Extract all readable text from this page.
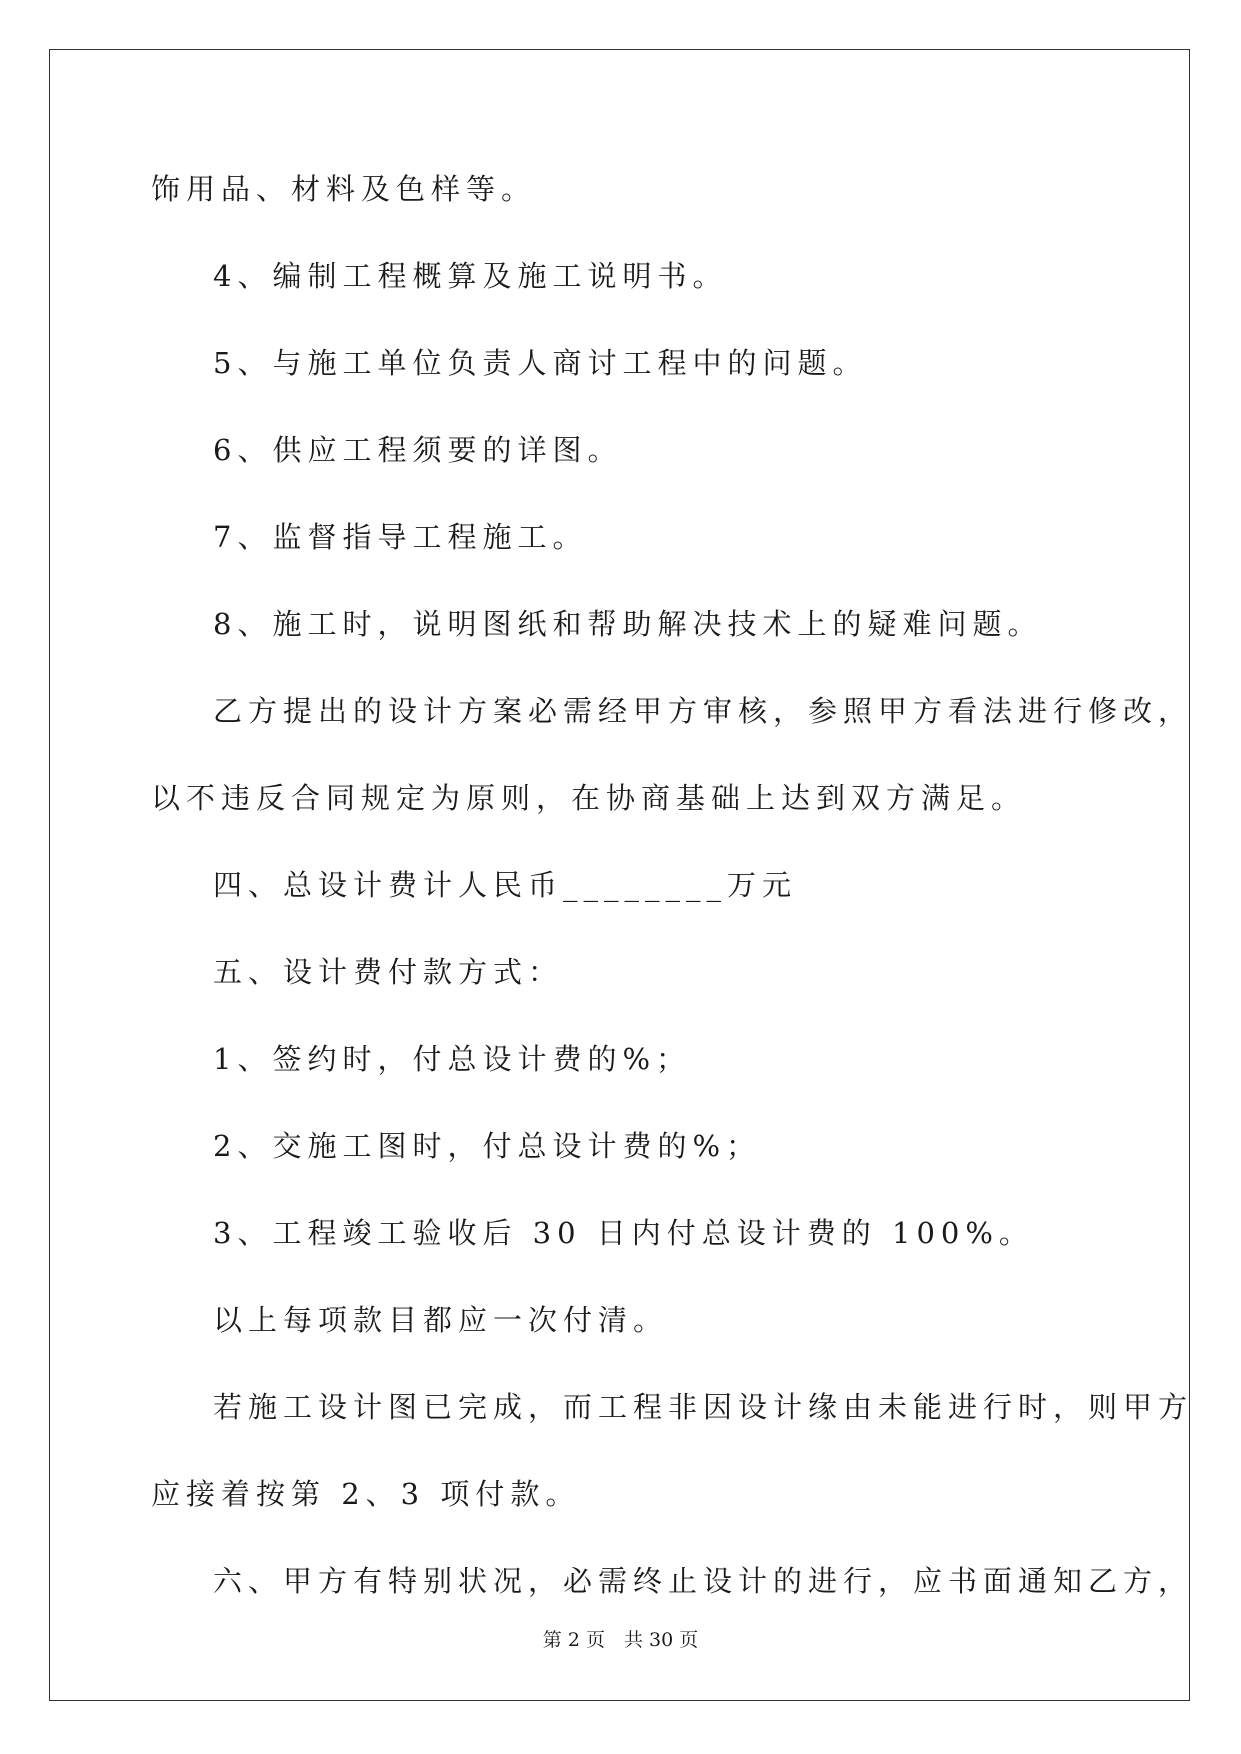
饰用品、材料及色样等。
4、编制工程概算及施工说明书。
5、与施工单位负责人商讨工程中的问题。
6、供应工程须要的详图。
7、监督指导工程施工。
8、施工时，说明图纸和帮助解决技术上的疑难问题。
乙方提出的设计方案必需经甲方审核，参照甲方看法进行修改，
以不违反合同规定为原则，在协商基础上达到双方满足。
四、总设计费计人民币________万元
五、设计费付款方式：
1、签约时，付总设计费的%；
2、交施工图时，付总设计费的%；
3、工程竣工验收后 30 日内付总设计费的 100%。
以上每项款目都应一次付清。
若施工设计图已完成，而工程非因设计缘由未能进行时，则甲方
应接着按第 2、3 项付款。
六、甲方有特别状况，必需终止设计的进行，应书面通知乙方，
第 2 页　共 30 页
